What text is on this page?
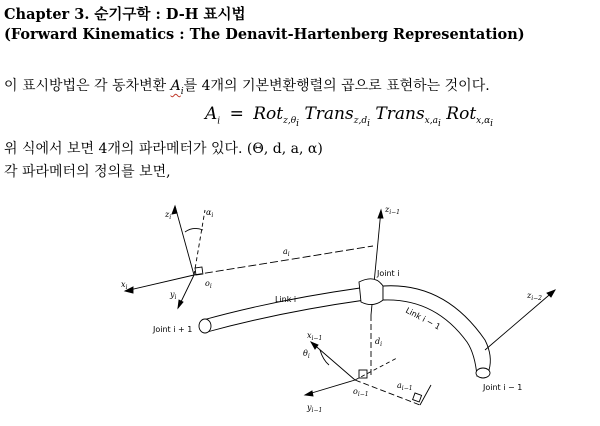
Chapter 3. 순기구학 : D-H 표시법
(Forward Kinematics : The Denavit-Hartenberg Representation)
이 표시방법은 각 동차변환 $A_i$를 4개의 기본변환행렬의 곱으로 표현하는 것이다.
$A_i = Rot_{z,\theta_i}$ Trans$_{z,d_i}$ Trans$_{x,a_i}$ Rot$_{x,\alpha_i}$
위 식에서 보면 4개의 파라메터가 있다. (Θ, d, a, α)
각 파라메터의 정의를 보면,
$z_i$
$\alpha_i$
$z_{i-1}$
$a_i$
$x_i$
$y_i$
$o_i$
Link i
Joint i
Joint i + 1	Link i − 1
$z_{i-2}$
$x_{i-1}$
$\theta_i$
$d_i$
$a_{i-1}$
$o_{i-1}$
$y_{i-1}$
Joint i − 1
